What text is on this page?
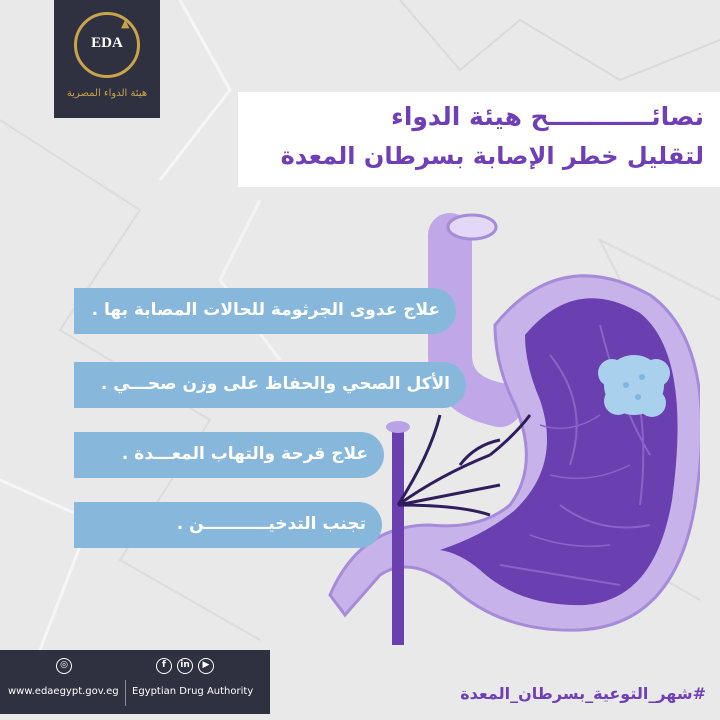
▲
EDA
هيئة الدواء المصرية
نصائــــــــــــح هيئة الدواء
لتقليل خطر الإصابة بسرطان المعدة
علاج عدوى الجرثومة للحالات المصابة بها .
الأكل الصحي والحفاظ على وزن صحـــي .
علاج قرحة والتهاب المعـــدة .
تجنب التدخيـــــــــــن .
◎	f	in	▶
www.edaegypt.gov.eg Egyptian Drug Authority	#شهر_التوعية_بسرطان_المعدة
